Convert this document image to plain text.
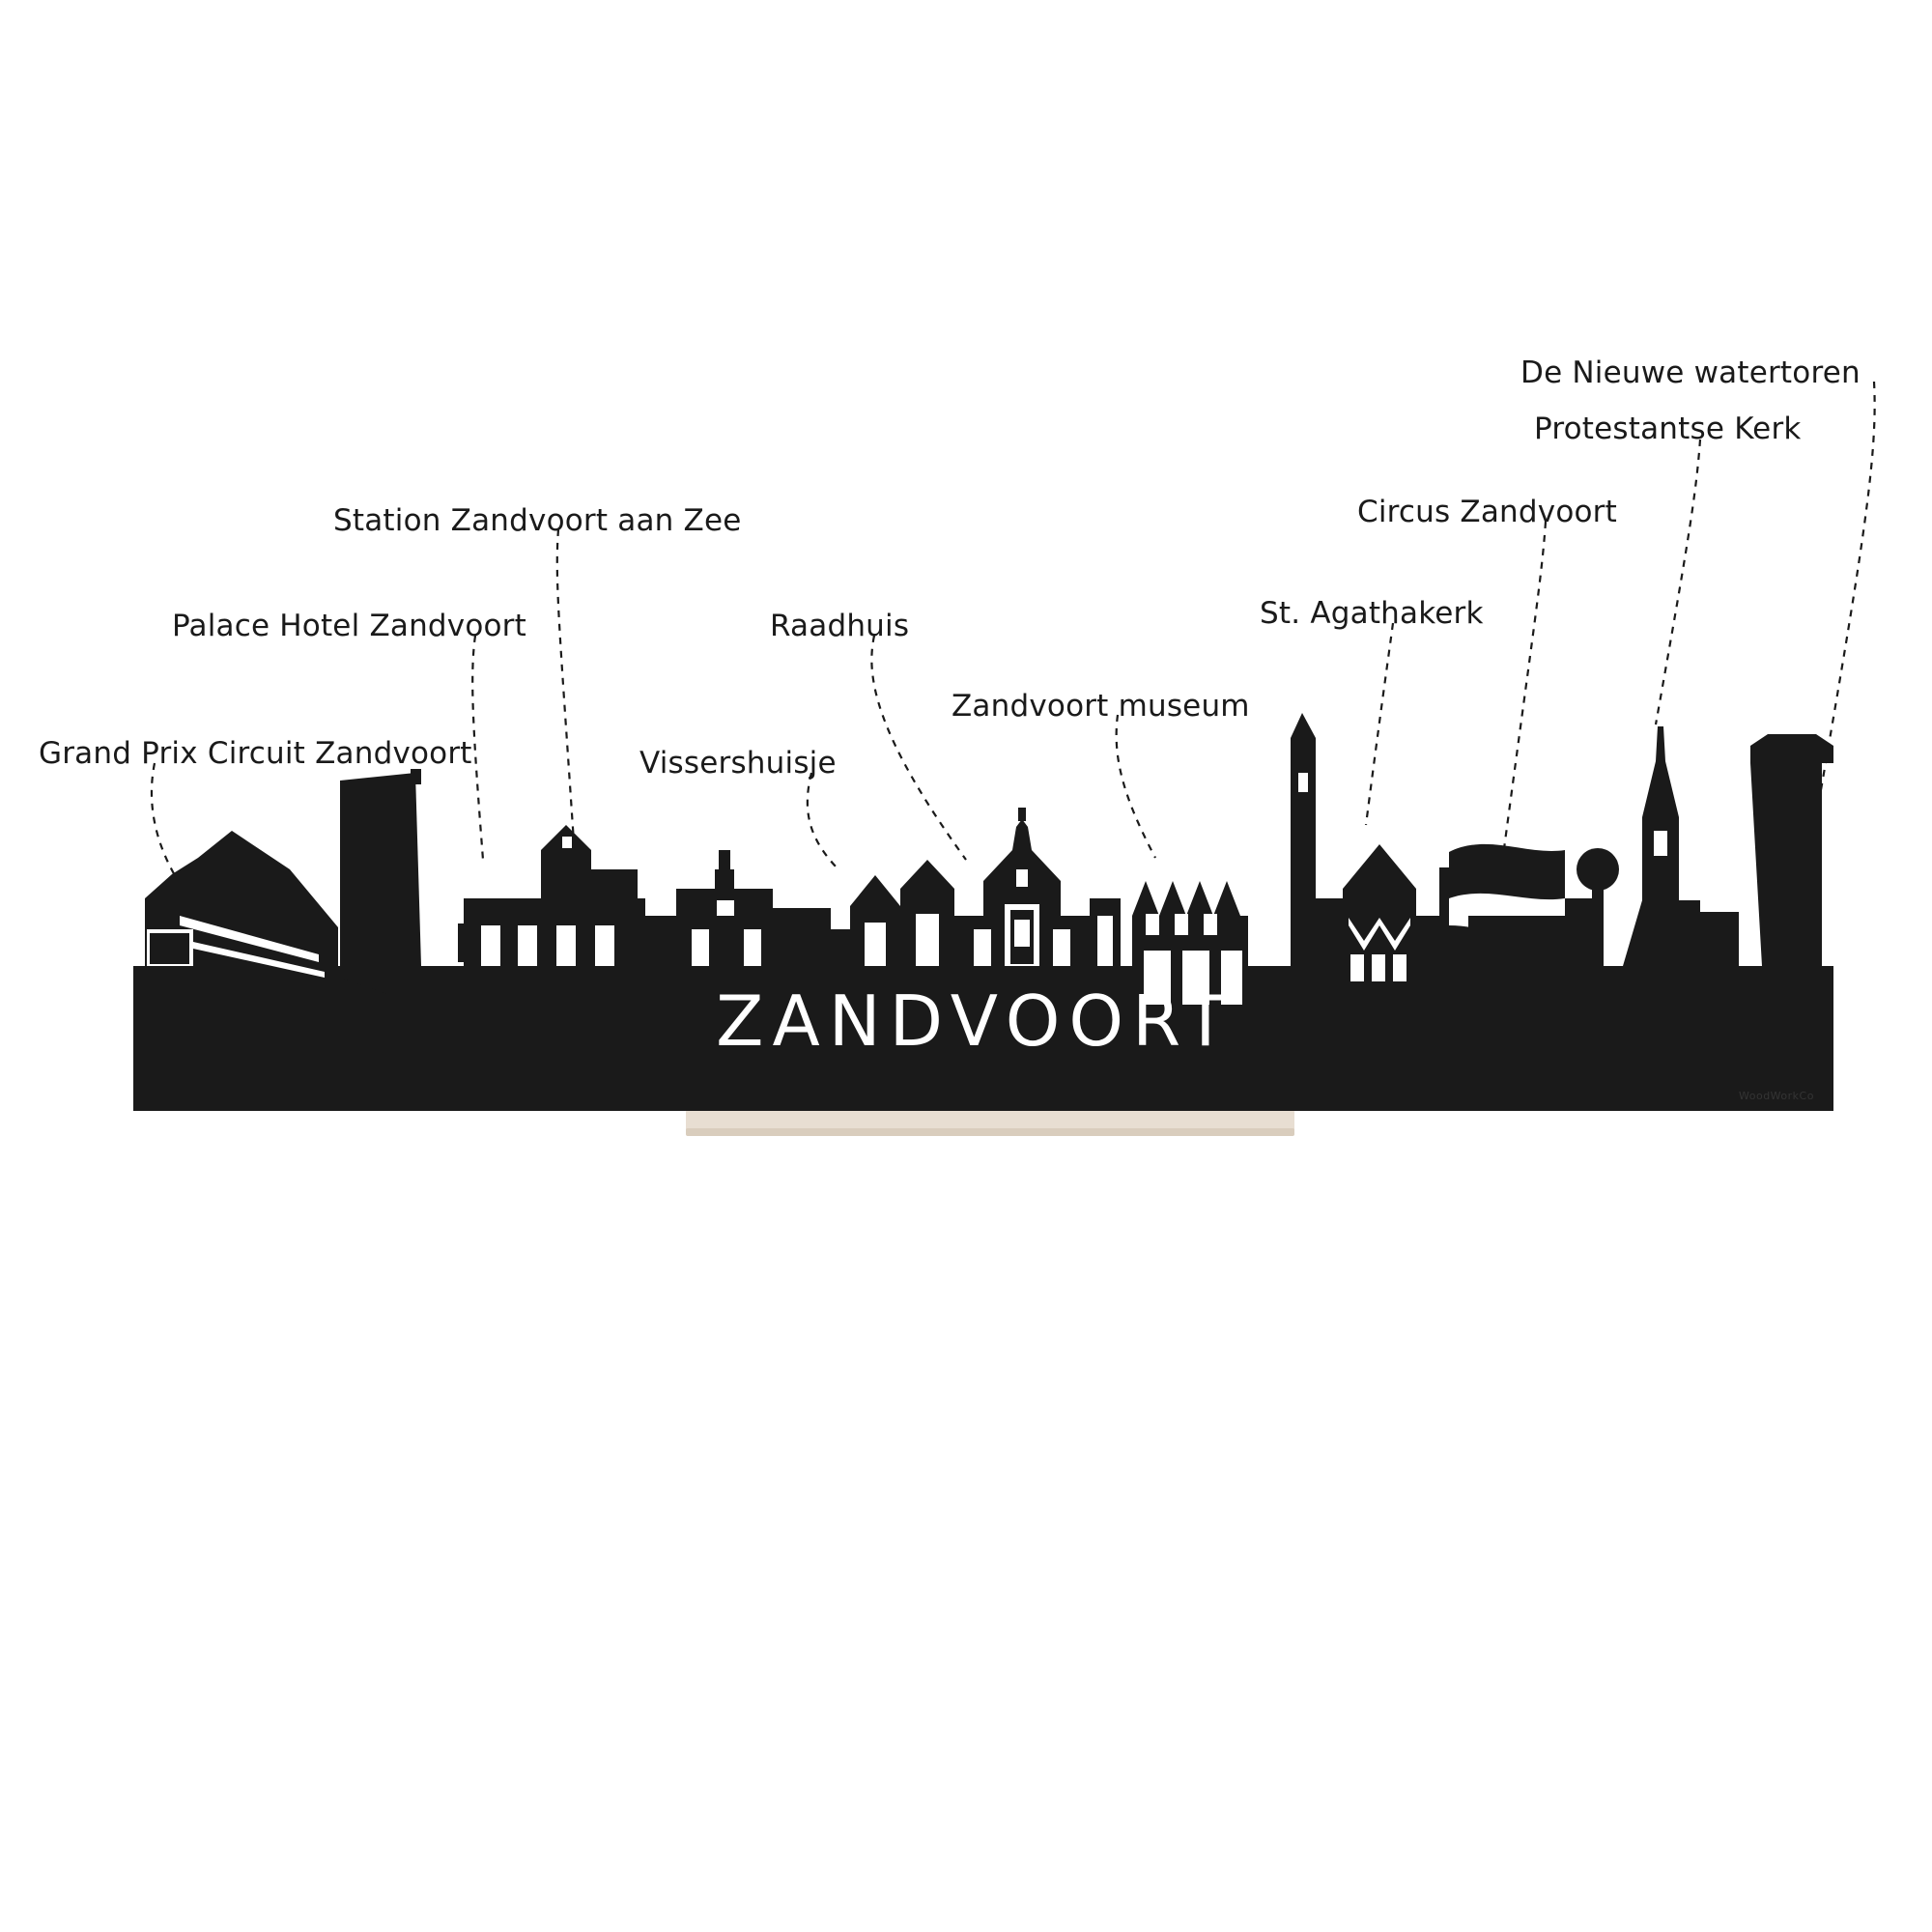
ZANDVOORT
Grand Prix Circuit Zandvoort
Palace Hotel Zandvoort
Station Zandvoort aan Zee
Vissershuisje
Raadhuis
Zandvoort museum
St. Agathakerk
Circus Zandvoort
Protestantse Kerk
De Nieuwe watertoren
WoodWorkCo
